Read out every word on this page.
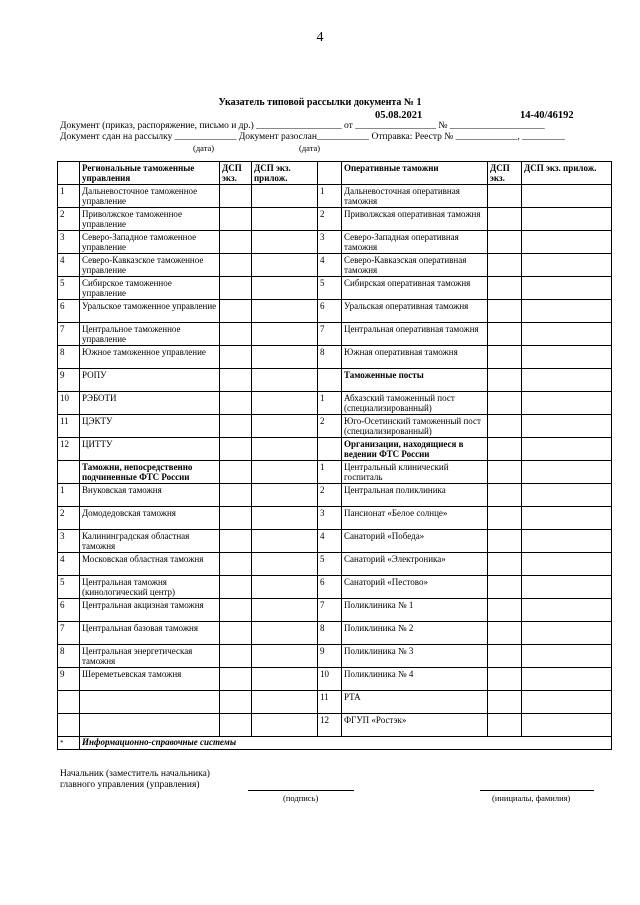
4
Указатель типовой рассылки документа № 1
05.08.2021	14-40/46192
Документ (приказ, распоряжение, письмо и др.) __________________ от _________________ № ____________________
Документ сдан на рассылку _____________ Документ разослан___________ Отправка: Реестр № _____________, _________
(дата)	(дата)
	Региональные таможенные управления	ДСП экз.	ДСП экз. прилож.		Оперативные таможни	ДСП экз.	ДСП экз. прилож.
1	Дальневосточное таможенное управление			1	Дальневосточная оперативная таможня		
2	Приволжское таможенное управление			2	Приволжская оперативная таможня		
3	Северо-Западное таможенное управление			3	Северо-Западная оперативная таможня		
4	Северо-Кавказское таможенное управление			4	Северо-Кавказская оперативная таможня		
5	Сибирское таможенное управление			5	Сибирская оперативная таможня		
6	Уральское таможенное управление			6	Уральская оперативная таможня		
7	Центральное таможенное управление			7	Центральная оперативная таможня		
8	Южное таможенное управление			8	Южная оперативная таможня		
9	РОПУ				Таможенные посты		
10	РЭБОТИ			1	Абхазский таможенный пост (специализированный)		
11	ЦЭКТУ			2	Юго-Осетинский таможенный пост (специализированный)		
12	ЦИТТУ				Организации, находящиеся в ведении ФТС России		
	Таможни, непосредственно подчиненные ФТС России			1	Центральный клинический госпиталь		
1	Внуковская таможня			2	Центральная поликлиника		
2	Домодедовская таможня			3	Пансионат «Белое солнце»		
3	Калининградская областная таможня			4	Санаторий «Победа»		
4	Московская областная таможня			5	Санаторий «Электроника»		
5	Центральная таможня (кинологический центр)			6	Санаторий «Пестово»		
6	Центральная акцизная таможня			7	Поликлиника № 1		
7	Центральная базовая таможня			8	Поликлиника № 2		
8	Центральная энергетическая таможня			9	Поликлиника № 3		
9	Шереметьевская таможня			10	Поликлиника № 4		
				11	РТА		
				12	ФГУП «Ростэк»		
*	Информационно-справочные системы						
Начальник (заместитель начальника)
главного управления (управления)
(подпись)	(инициалы, фамилия)
